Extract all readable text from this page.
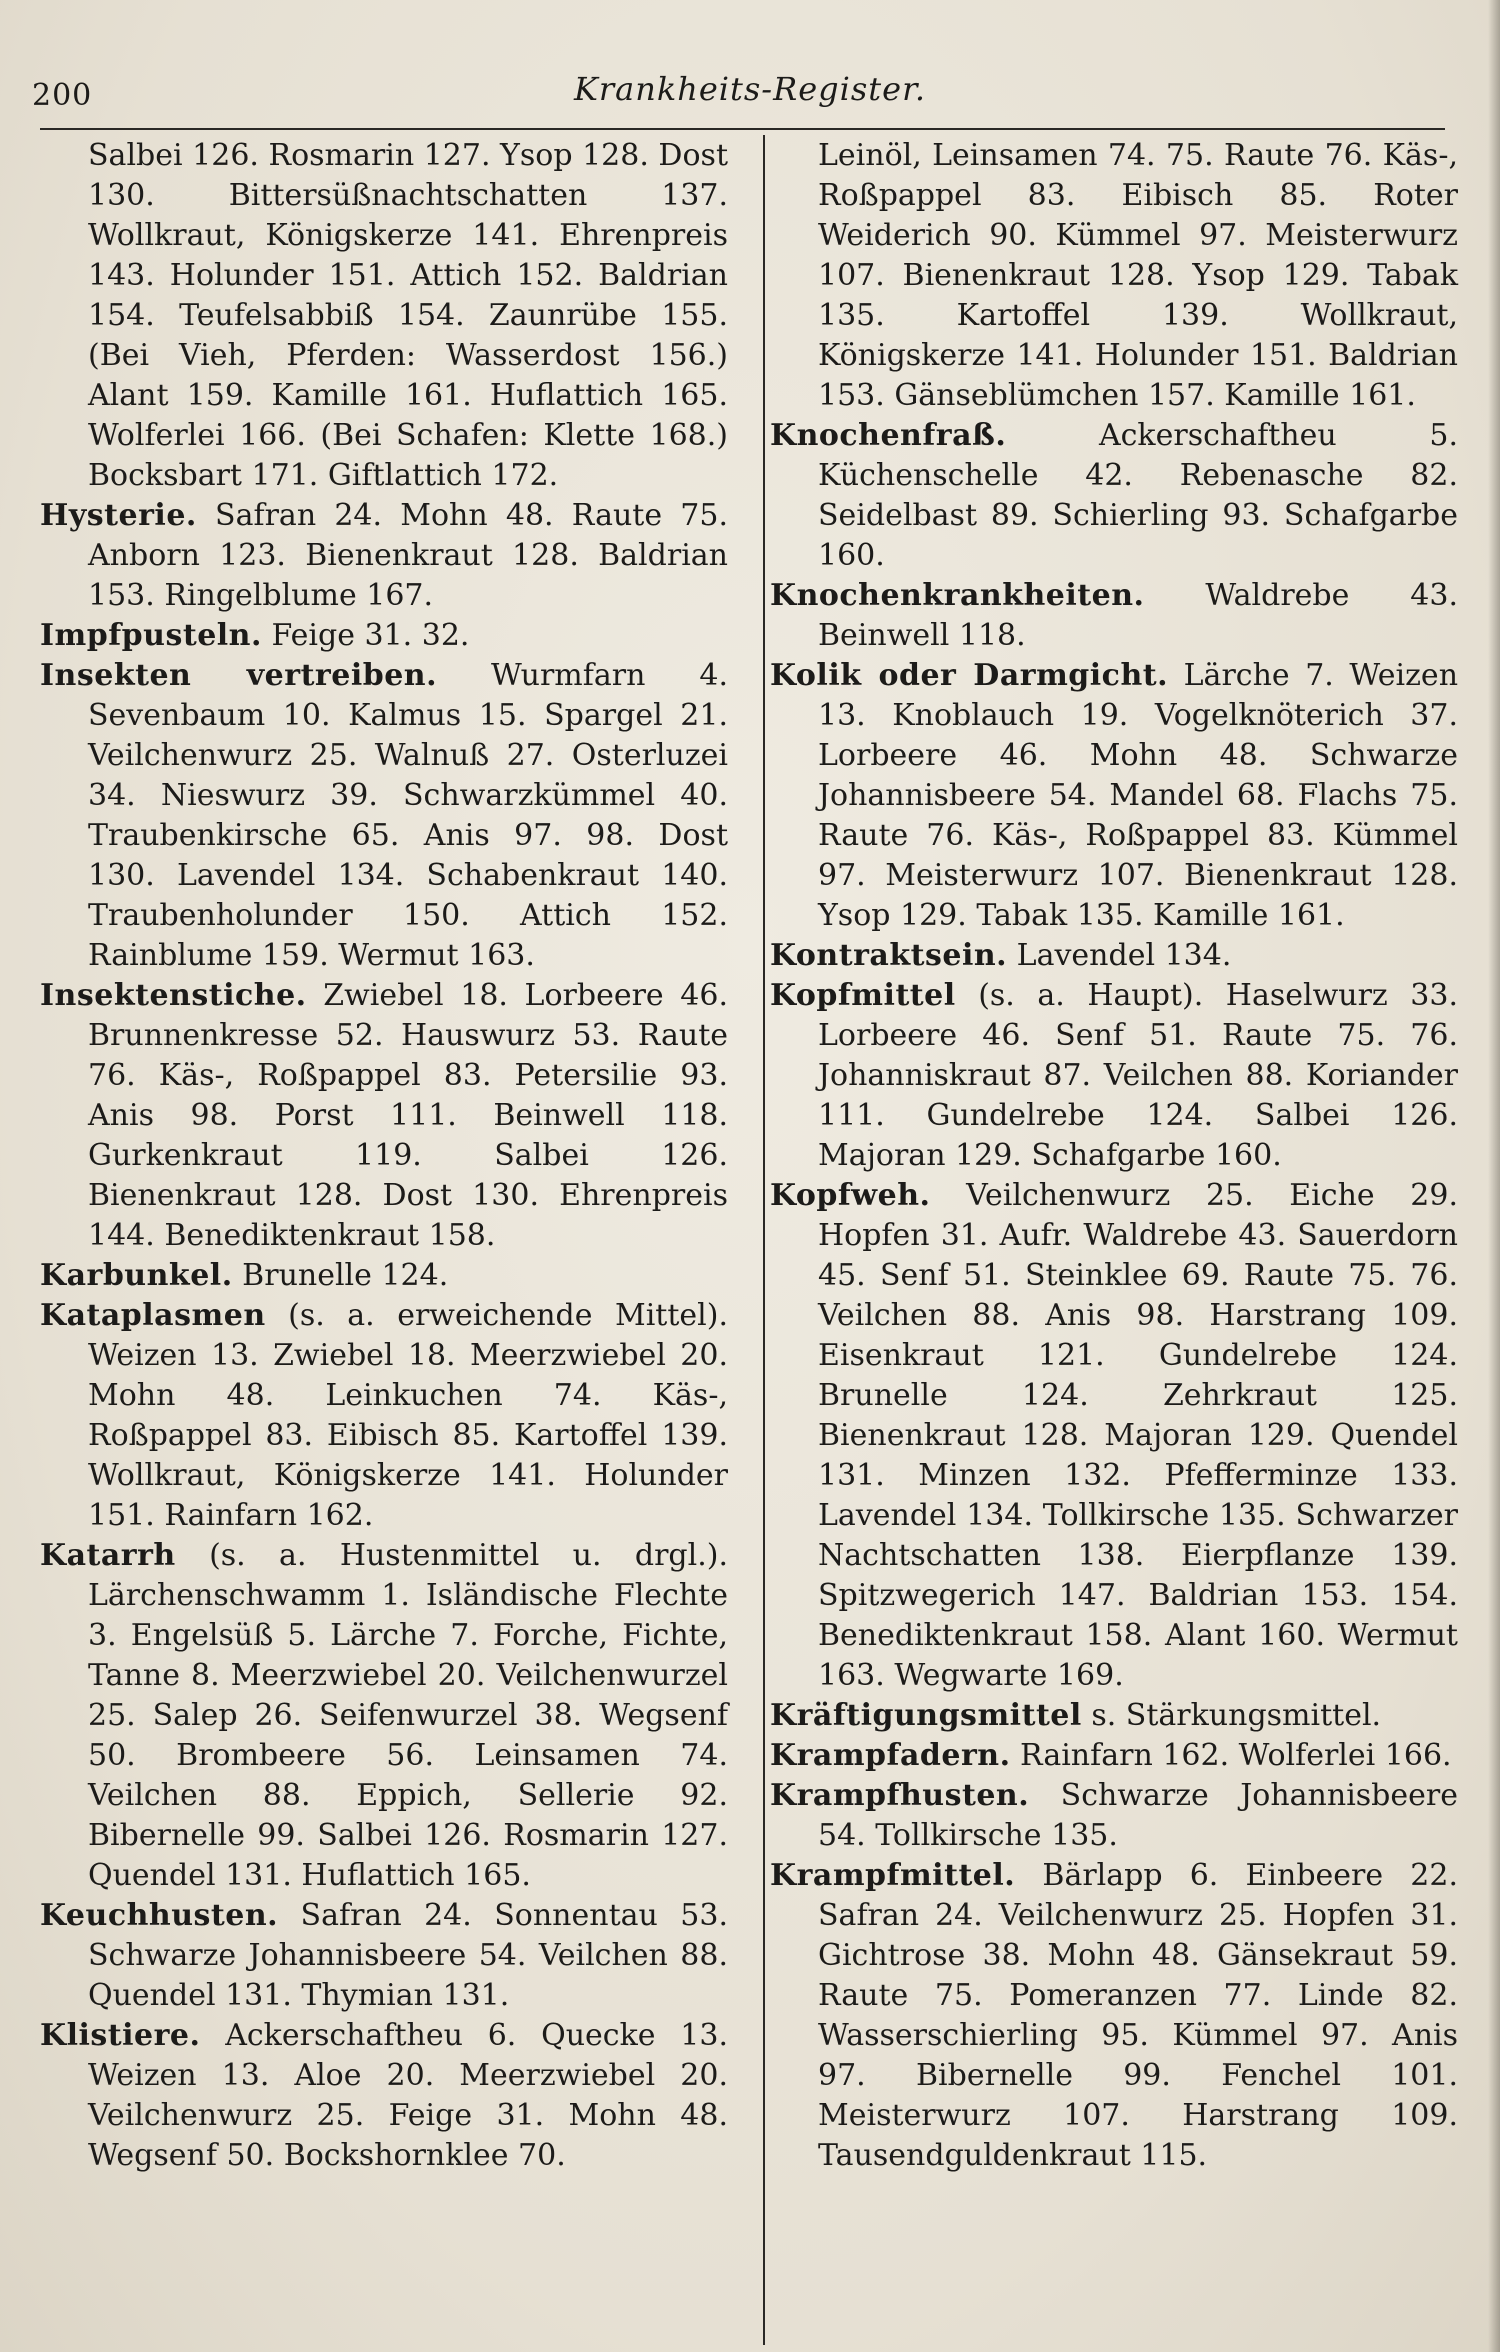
200	Krankheits-Register.

Salbei 126. Rosmarin 127. Ysop 128. Dost 130. Bittersüßnachtschatten 137. Wollkraut, Königskerze 141. Ehrenpreis 143. Holunder 151. Attich 152. Baldrian 154. Teufelsabbiß 154. Zaunrübe 155. (Bei Vieh, Pferden: Wasserdost 156.) Alant 159. Kamille 161. Huflattich 165. Wolferlei 166. (Bei Schafen: Klette 168.) Bocksbart 171. Giftlattich 172.

Hysterie. Safran 24. Mohn 48. Raute 75. Anborn 123. Bienenkraut 128. Baldrian 153. Ringelblume 167.

Impfpusteln. Feige 31. 32.

Insekten vertreiben. Wurmfarn 4. Sevenbaum 10. Kalmus 15. Spargel 21. Veilchenwurz 25. Walnuß 27. Osterluzei 34. Nieswurz 39. Schwarzkümmel 40. Traubenkirsche 65. Anis 97. 98. Dost 130. Lavendel 134. Schabenkraut 140. Traubenholunder 150. Attich 152. Rainblume 159. Wermut 163.

Insektenstiche. Zwiebel 18. Lorbeere 46. Brunnenkresse 52. Hauswurz 53. Raute 76. Käs-, Roßpappel 83. Petersilie 93. Anis 98. Porst 111. Beinwell 118. Gurkenkraut 119. Salbei 126. Bienenkraut 128. Dost 130. Ehrenpreis 144. Benediktenkraut 158.

Karbunkel. Brunelle 124.

Kataplasmen (s. a. erweichende Mittel). Weizen 13. Zwiebel 18. Meerzwiebel 20. Mohn 48. Leinkuchen 74. Käs-, Roßpappel 83. Eibisch 85. Kartoffel 139. Wollkraut, Königskerze 141. Holunder 151. Rainfarn 162.

Katarrh (s. a. Hustenmittel u. drgl.). Lärchenschwamm 1. Isländische Flechte 3. Engelsüß 5. Lärche 7. Forche, Fichte, Tanne 8. Meerzwiebel 20. Veilchenwurzel 25. Salep 26. Seifenwurzel 38. Wegsenf 50. Brombeere 56. Leinsamen 74. Veilchen 88. Eppich, Sellerie 92. Bibernelle 99. Salbei 126. Rosmarin 127. Quendel 131. Huflattich 165.

Keuchhusten. Safran 24. Sonnentau 53. Schwarze Johannisbeere 54. Veilchen 88. Quendel 131. Thymian 131.

Klistiere. Ackerschaftheu 6. Quecke 13. Weizen 13. Aloe 20. Meerzwiebel 20. Veilchenwurz 25. Feige 31. Mohn 48. Wegsenf 50. Bockshornklee 70.

Leinöl, Leinsamen 74. 75. Raute 76. Käs-, Roßpappel 83. Eibisch 85. Roter Weiderich 90. Kümmel 97. Meisterwurz 107. Bienenkraut 128. Ysop 129. Tabak 135. Kartoffel 139. Wollkraut, Königskerze 141. Holunder 151. Baldrian 153. Gänseblümchen 157. Kamille 161.

Knochenfraß. Ackerschaftheu 5. Küchenschelle 42. Rebenasche 82. Seidelbast 89. Schierling 93. Schafgarbe 160.

Knochenkrankheiten. Waldrebe 43. Beinwell 118.

Kolik oder Darmgicht. Lärche 7. Weizen 13. Knoblauch 19. Vogelknöterich 37. Lorbeere 46. Mohn 48. Schwarze Johannisbeere 54. Mandel 68. Flachs 75. Raute 76. Käs-, Roßpappel 83. Kümmel 97. Meisterwurz 107. Bienenkraut 128. Ysop 129. Tabak 135. Kamille 161.

Kontraktsein. Lavendel 134.

Kopfmittel (s. a. Haupt). Haselwurz 33. Lorbeere 46. Senf 51. Raute 75. 76. Johanniskraut 87. Veilchen 88. Koriander 111. Gundelrebe 124. Salbei 126. Majoran 129. Schafgarbe 160.

Kopfweh. Veilchenwurz 25. Eiche 29. Hopfen 31. Aufr. Waldrebe 43. Sauerdorn 45. Senf 51. Steinklee 69. Raute 75. 76. Veilchen 88. Anis 98. Harstrang 109. Eisenkraut 121. Gundelrebe 124. Brunelle 124. Zehrkraut 125. Bienenkraut 128. Majoran 129. Quendel 131. Minzen 132. Pfefferminze 133. Lavendel 134. Tollkirsche 135. Schwarzer Nachtschatten 138. Eierpflanze 139. Spitzwegerich 147. Baldrian 153. 154. Benediktenkraut 158. Alant 160. Wermut 163. Wegwarte 169.

Kräftigungsmittel s. Stärkungsmittel.

Krampfadern. Rainfarn 162. Wolferlei 166.

Krampfhusten. Schwarze Johannisbeere 54. Tollkirsche 135.

Krampfmittel. Bärlapp 6. Einbeere 22. Safran 24. Veilchenwurz 25. Hopfen 31. Gichtrose 38. Mohn 48. Gänsekraut 59. Raute 75. Pomeranzen 77. Linde 82. Wasserschierling 95. Kümmel 97. Anis 97. Bibernelle 99. Fenchel 101. Meisterwurz 107. Harstrang 109. Tausendguldenkraut 115.
